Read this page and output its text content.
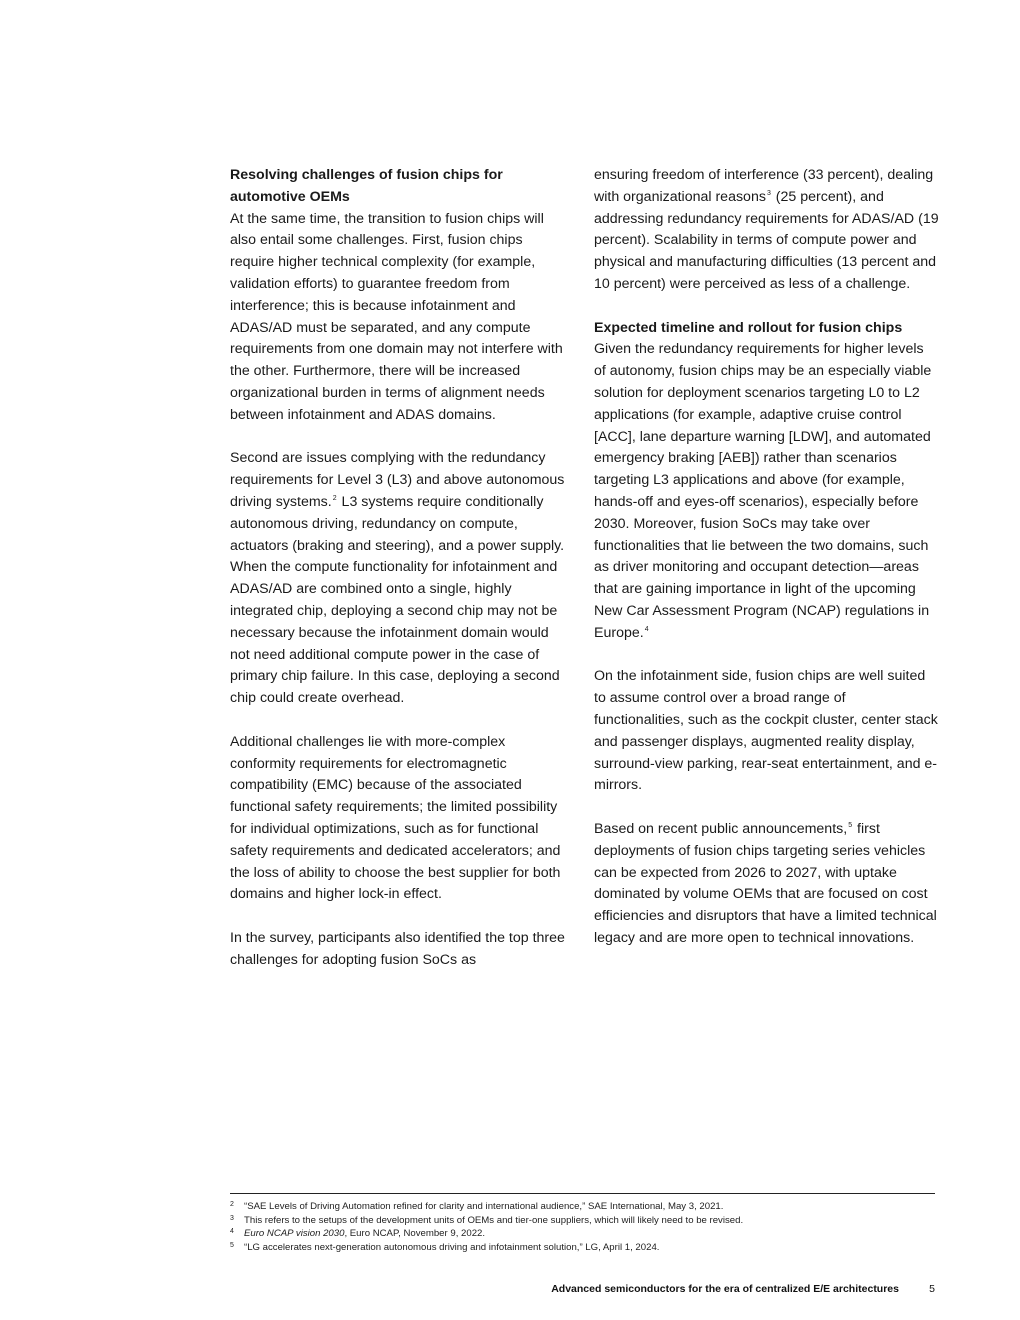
Resolving challenges of fusion chips for automotive OEMs

At the same time, the transition to fusion chips will also entail some challenges. First, fusion chips require higher technical complexity (for example, validation efforts) to guarantee freedom from interference; this is because infotainment and ADAS/AD must be separated, and any compute requirements from one domain may not interfere with the other. Furthermore, there will be increased organizational burden in terms of alignment needs between infotainment and ADAS domains.

Second are issues complying with the redundancy requirements for Level 3 (L3) and above autonomous driving systems.$^2$ L3 systems require conditionally autonomous driving, redundancy on compute, actuators (braking and steering), and a power supply. When the compute functionality for infotainment and ADAS/AD are combined onto a single, highly integrated chip, deploying a second chip may not be necessary because the infotainment domain would not need additional compute power in the case of primary chip failure. In this case, deploying a second chip could create overhead.

Additional challenges lie with more-complex conformity requirements for electromagnetic compatibility (EMC) because of the associated functional safety requirements; the limited possibility for individual optimizations, such as for functional safety requirements and dedicated accelerators; and the loss of ability to choose the best supplier for both domains and higher lock-in effect.

In the survey, participants also identified the top three challenges for adopting fusion SoCs as

ensuring freedom of interference (33 percent), dealing with organizational reasons$^3$ (25 percent), and addressing redundancy requirements for ADAS/AD (19 percent). Scalability in terms of compute power and physical and manufacturing difficulties (13 percent and 10 percent) were perceived as less of a challenge.

Expected timeline and rollout for fusion chips

Given the redundancy requirements for higher levels of autonomy, fusion chips may be an especially viable solution for deployment scenarios targeting L0 to L2 applications (for example, adaptive cruise control [ACC], lane departure warning [LDW], and automated emergency braking [AEB]) rather than scenarios targeting L3 applications and above (for example, hands-off and eyes-off scenarios), especially before 2030. Moreover, fusion SoCs may take over functionalities that lie between the two domains, such as driver monitoring and occupant detection—areas that are gaining importance in light of the upcoming New Car Assessment Program (NCAP) regulations in Europe.$^4$

On the infotainment side, fusion chips are well suited to assume control over a broad range of functionalities, such as the cockpit cluster, center stack and passenger displays, augmented reality display, surround-view parking, rear-seat entertainment, and e-mirrors.

Based on recent public announcements,$^5$ first deployments of fusion chips targeting series vehicles can be expected from 2026 to 2027, with uptake dominated by volume OEMs that are focused on cost efficiencies and disruptors that have a limited technical legacy and are more open to technical innovations.

2 “SAE Levels of Driving Automation refined for clarity and international audience,” SAE International, May 3, 2021.
3 This refers to the setups of the development units of OEMs and tier-one suppliers, which will likely need to be revised.
4 Euro NCAP vision 2030, Euro NCAP, November 9, 2022.
5 “LG accelerates next-generation autonomous driving and infotainment solution,” LG, April 1, 2024.
Advanced semiconductors for the era of centralized E/E architectures	5
